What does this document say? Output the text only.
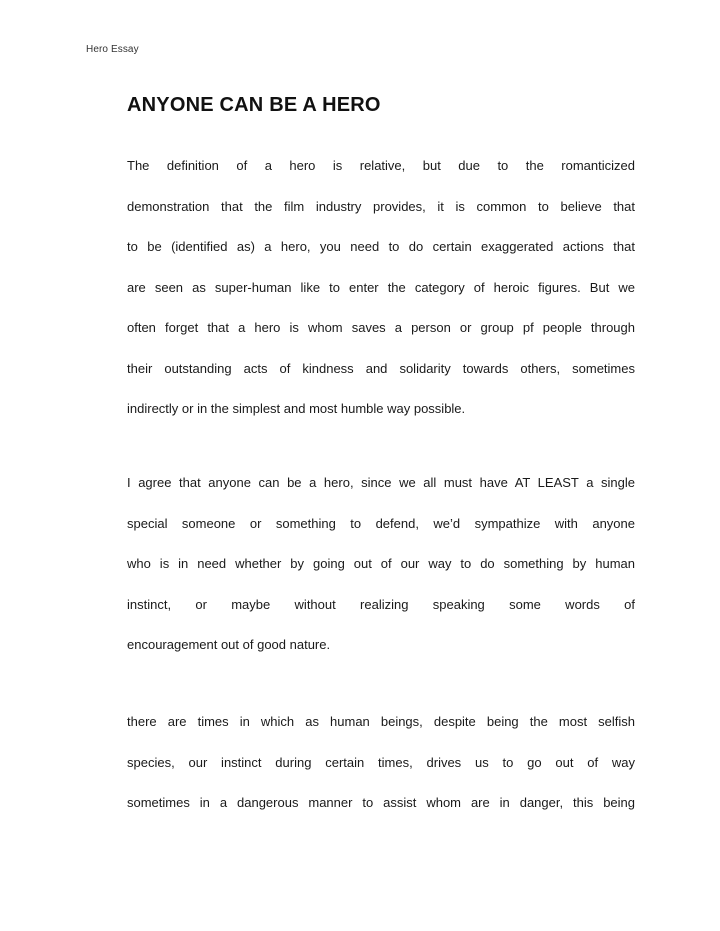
Hero Essay
ANYONE CAN BE A HERO
The definition of a hero is relative, but due to the romanticized
demonstration that the film industry provides, it is common to believe that
to be (identified as) a hero, you need to do certain exaggerated actions that
are seen as super-human like to enter the category of heroic figures. But we
often forget that a hero is whom saves a person or group pf people through
their outstanding acts of kindness and solidarity towards others, sometimes
indirectly or in the simplest and most humble way possible.
I agree that anyone can be a hero, since we all must have AT LEAST a single
special someone or something to defend, we’d sympathize with anyone
who is in need whether by going out of our way to do something by human
instinct, or maybe without realizing speaking some words of
encouragement out of good nature.
there are times in which as human beings, despite being the most selfish
species, our instinct during certain times, drives us to go out of way
sometimes in a dangerous manner to assist whom are in danger, this being
